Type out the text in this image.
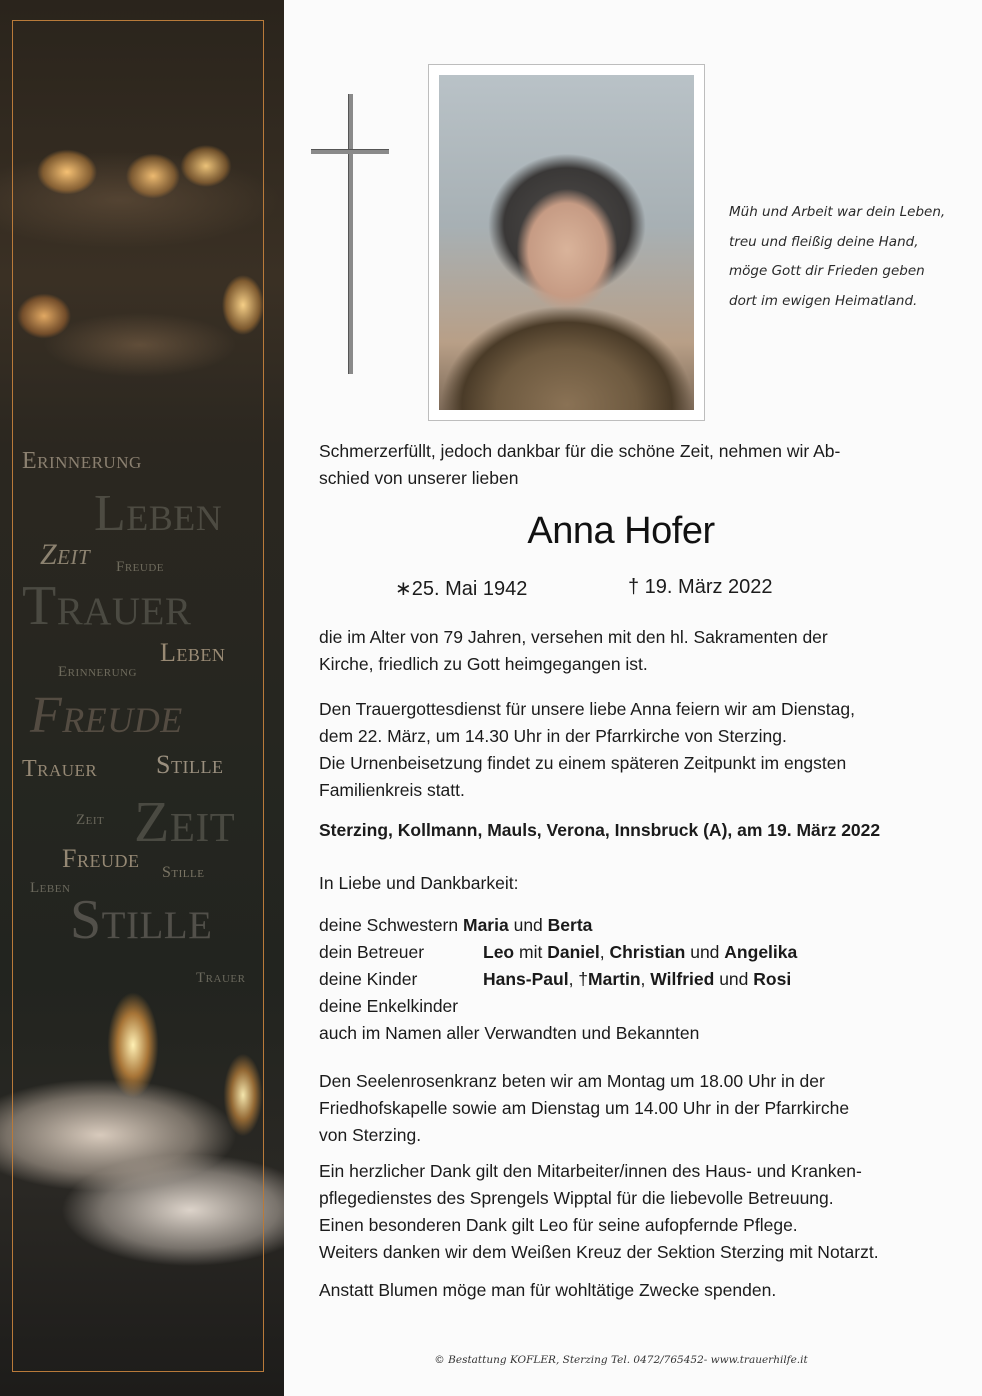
Erinnerung
Leben
Zeit Freude
Trauer
Leben
Erinnerung
Freude
Trauer Stille
Zeit Zeit
Freude Stille
Leben
Stille
Trauer
Müh und Arbeit war dein Leben,
treu und fleißig deine Hand,
möge Gott dir Frieden geben
dort im ewigen Heimatland.
Schmerzerfüllt, jedoch dankbar für die schöne Zeit, nehmen wir Ab-
schied von unserer lieben
Anna Hofer
∗25. Mai 1942	† 19. März 2022
die im Alter von 79 Jahren, versehen mit den hl. Sakramenten der
Kirche, friedlich zu Gott heimgegangen ist.
Den Trauergottesdienst für unsere liebe Anna feiern wir am Dienstag,
dem 22. März, um 14.30 Uhr in der Pfarrkirche von Sterzing.
Die Urnenbeisetzung findet zu einem späteren Zeitpunkt im engsten
Familienkreis statt.
Sterzing, Kollmann, Mauls, Verona, Innsbruck (A), am 19. März 2022
In Liebe und Dankbarkeit:
deine Schwestern Maria und Berta
dein Betreuer	Leo mit Daniel, Christian und Angelika
deine Kinder	Hans-Paul, †Martin, Wilfried und Rosi
deine Enkelkinder
auch im Namen aller Verwandten und Bekannten
Den Seelenrosenkranz beten wir am Montag um 18.00 Uhr in der
Friedhofskapelle sowie am Dienstag um 14.00 Uhr in der Pfarrkirche
von Sterzing.
Ein herzlicher Dank gilt den Mitarbeiter/innen des Haus- und Kranken-
pflegedienstes des Sprengels Wipptal für die liebevolle Betreuung.
Einen besonderen Dank gilt Leo für seine aufopfernde Pflege.
Weiters danken wir dem Weißen Kreuz der Sektion Sterzing mit Notarzt.
Anstatt Blumen möge man für wohltätige Zwecke spenden.
© Bestattung KOFLER, Sterzing Tel. 0472/765452- www.trauerhilfe.it
